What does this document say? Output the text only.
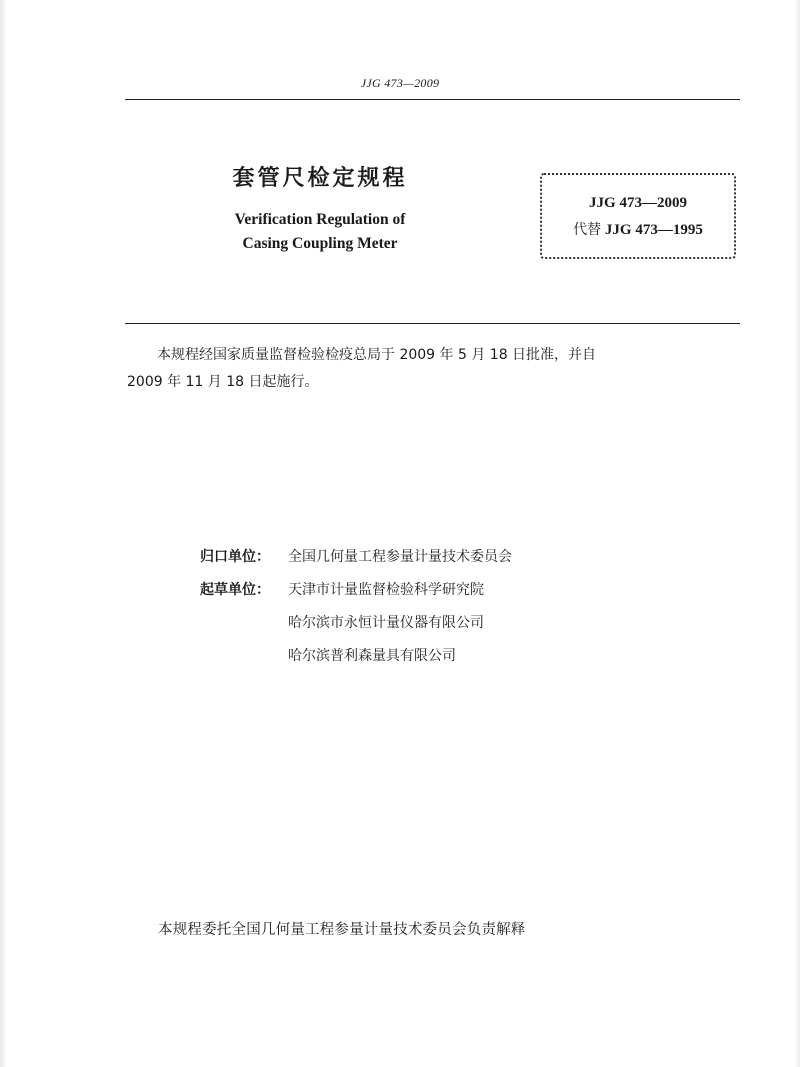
JJG 473—2009
套管尺检定规程
Verification Regulation of
Casing Coupling Meter
JJG 473—2009
代替 JJG 473—1995
本规程经国家质量监督检验检疫总局于 2009 年 5 月 18 日批准，并自
2009 年 11 月 18 日起施行。
归口单位：	全国几何量工程参量计量技术委员会
起草单位：	天津市计量监督检验科学研究院
哈尔滨市永恒计量仪器有限公司
哈尔滨普利森量具有限公司
本规程委托全国几何量工程参量计量技术委员会负责解释
